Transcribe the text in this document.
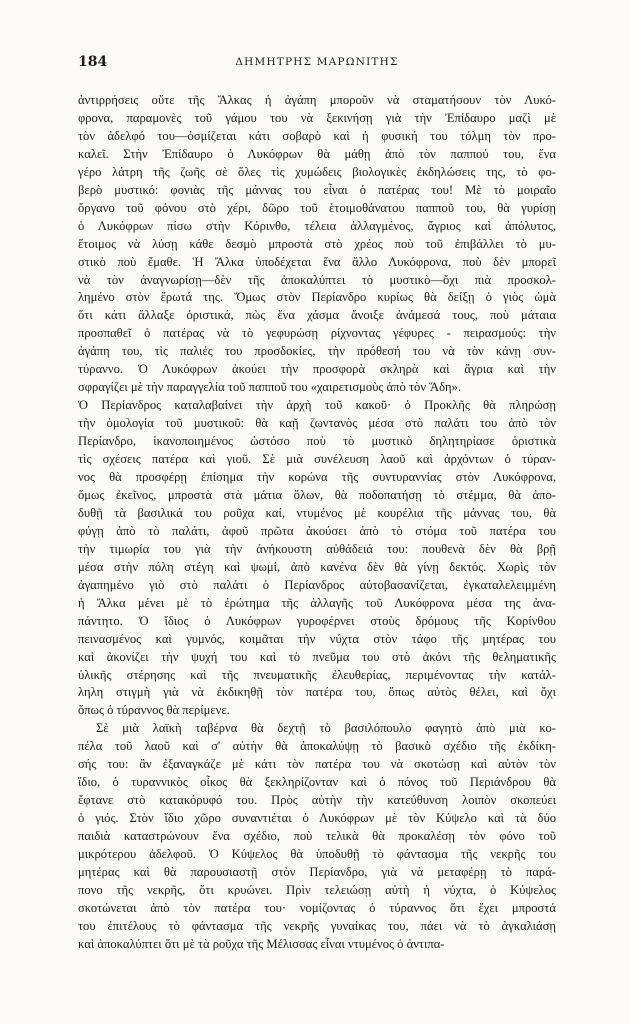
184	ΔΗΜΗΤΡΗΣ ΜΑΡΩΝΙΤΗΣ
ἀντιρρήσεις οὔτε τῆς Ἄλκας ἡ ἀγάπη μποροῦν νὰ σταματήσουν τὸν Λυκό-
φρονα, παραμονὲς τοῦ γάμου του νὰ ξεκινήσῃ γιὰ τὴν Ἐπίδαυρο μαζὶ μὲ
τὸν ἀδελφό του—ὀσμίζεται κάτι σοβαρὸ καὶ ἡ φυσική του τόλμη τὸν προ-
καλεῖ. Στὴν Ἐπίδαυρο ὁ Λυκόφρων θὰ μάθῃ ἀπὸ τὸν παππού του, ἕνα
γέρο λάτρη τῆς ζωῆς σὲ ὅλες τὶς χυμώδεις βιολογικὲς ἐκδηλώσεις της, τὸ φο-
βερὸ μυστικό: φονιὰς τῆς μάννας του εἶναι ὁ πατέρας του! Μὲ τὸ μοιραῖο
ὄργανο τοῦ φόνου στὸ χέρι, δῶρο τοῦ ἑτοιμοθάνατου παπποῦ του, θὰ γυρίσῃ
ὁ Λυκόφρων πίσω στὴν Κόρινθο, τέλεια ἀλλαγμένος, ἄγριος καὶ ἀπόλυτος,
ἕτοιμος νὰ λύσῃ κάθε δεσμὸ μπροστὰ στὸ χρέος ποὺ τοῦ ἐπιβάλλει τὸ μυ-
στικὸ ποὺ ἔμαθε. Ἡ Ἄλκα ὑποδέχεται ἕνα ἄλλο Λυκόφρονα, ποὺ δὲν μπορεῖ
νὰ τὸν ἀναγνωρίσῃ—δὲν τῆς ἀποκαλύπτει τὸ μυστικὸ—ὄχι πιὰ προσκολ-
λημένο στὸν ἔρωτά της. Ὅμως στὸν Περίανδρο κυρίως θὰ δείξῃ ὁ γιὸς ὠμὰ
ὅτι κάτι ἄλλαξε ὁριστικά, πὼς ἕνα χάσμα ἄνοιξε ἀνάμεσά τους, ποὺ μάταια
προσπαθεῖ ὁ πατέρας νὰ τὸ γεφυρώσῃ ρίχνοντας γέφυρες - πειρασμούς: τὴν
ἀγάπη του, τὶς παλιές του προσδοκίες, τὴν πρόθεσή του νὰ τὸν κάνῃ συν-
τύραννο. Ὁ Λυκόφρων ἀκούει τὴν προσφορὰ σκληρὰ καὶ ἄγρια καὶ τὴν
σφραγίζει μὲ τὴν παραγγελία τοῦ παπποῦ του «χαιρετισμοὺς ἀπὸ τὸν Ἅδη».
Ὁ Περίανδρος καταλαβαίνει τὴν ἀρχὴ τοῦ κακοῦ· ὁ Προκλῆς θὰ πληρώσῃ
τὴν ὁμολογία τοῦ μυστικοῦ: θὰ καῇ ζωντανὸς μέσα στὸ παλάτι του ἀπὸ τὸν
Περίανδρο, ἱκανοποιημένος ὡστόσο ποὺ τὸ μυστικὸ δηλητηρίασε ὁριστικὰ
τὶς σχέσεις πατέρα καὶ γιοῦ. Σὲ μιὰ συνέλευση λαοῦ καὶ ἀρχόντων ὁ τύραν-
νος θὰ προσφέρῃ ἐπίσημα τὴν κορώνα τῆς συντυραννίας στὸν Λυκόφρονα,
ὅμως ἐκεῖνος, μπροστὰ στὰ μάτια ὅλων, θὰ ποδοπατήσῃ τὸ στέμμα, θὰ ἀπο-
δυθῇ τὰ βασιλικά του ροῦχα καί, ντυμένος μὲ κουρέλια τῆς μάννας του, θὰ
φύγῃ ἀπὸ τὸ παλάτι, ἀφοῦ πρῶτα ἀκούσει ἀπὸ τὸ στόμα τοῦ πατέρα του
τὴν τιμωρία του γιὰ τὴν ἀνήκουστη αὐθάδειά του: πουθενὰ δὲν θὰ βρῇ
μέσα στὴν πόλη στέγη καὶ ψωμί, ἀπὸ κανένα δὲν θὰ γίνῃ δεκτός. Χωρὶς τὸν
ἀγαπημένο γιὸ στὸ παλάτι ὁ Περίανδρος αὐτοβασανίζεται, ἐγκαταλελειμμένη
ἡ Ἄλκα μένει μὲ τὸ ἐρώτημα τῆς ἀλλαγῆς τοῦ Λυκόφρονα μέσα της ἀνα-
πάντητο. Ὁ ἴδιος ὁ Λυκόφρων γυροφέρνει στοὺς δρόμους τῆς Κορίνθου
πεινασμένος καὶ γυμνός, κοιμᾶται τὴν νύχτα στὸν τάφο τῆς μητέρας του
καὶ ἀκονίζει τὴν ψυχή του καὶ τὸ πνεῦμα του στὸ ἀκόνι τῆς θεληματικῆς
ὑλικῆς στέρησης καὶ τῆς πνευματικῆς ἐλευθερίας, περιμένοντας τὴν κατάλ-
ληλη στιγμὴ γιὰ νὰ ἐκδικηθῇ τὸν πατέρα του, ὅπως αὐτὸς θέλει, καὶ ὄχι
ὅπως ὁ τύραννος θὰ περίμενε.
Σὲ μιὰ λαϊκὴ ταβέρνα θὰ δεχτῇ τὸ βασιλόπουλο φαγητὸ ἀπὸ μιὰ κο-
πέλα τοῦ λαοῦ καὶ σ' αὐτὴν θὰ ἀποκαλύψῃ τὸ βασικὸ σχέδιο τῆς ἐκδίκη-
σής του: ἂν ἐξαναγκάζε μὲ κάτι τὸν πατέρα του νὰ σκοτώσῃ καὶ αὐτὸν τὸν
ἴδιο, ὁ τυραννικὸς οἶκος θὰ ξεκληρίζονταν καὶ ὁ πόνος τοῦ Περιάνδρου θὰ
ἔφτανε στὸ κατακόρυφό του. Πρὸς αὐτὴν τὴν κατεύθυνση λοιπὸν σκοπεύει
ὁ γιός. Στὸν ἴδιο χῶρο συναντιέται ὁ Λυκόφρων μὲ τὸν Κύψελο καὶ τὰ δύο
παιδιὰ καταστρώνουν ἕνα σχέδιο, ποὺ τελικὰ θὰ προκαλέσῃ τὸν φόνο τοῦ
μικρότερου ἀδελφοῦ. Ὁ Κύψελος θὰ ὑποδυθῇ τὸ φάντασμα τῆς νεκρῆς του
μητέρας καὶ θὰ παρουσιαστῇ στὸν Περίανδρο, γιὰ νὰ μεταφέρῃ τὸ παρά-
πονο τῆς νεκρῆς, ὅτι κρυώνει. Πρὶν τελειώσῃ αὐτὴ ἡ νύχτα, ὁ Κύψελος
σκοτώνεται ἀπὸ τὸν πατέρα του· νομίζοντας ὁ τύραννος ὅτι ἔχει μπροστά
του ἐπιτέλους τὸ φάντασμα τῆς νεκρῆς γυναίκας του, πάει νὰ τὸ ἀγκαλιάσῃ
καὶ ἀποκαλύπτει ὅτι μὲ τὰ ροῦχα τῆς Μέλισσας εἶναι ντυμένος ὁ ἀντιπα-
